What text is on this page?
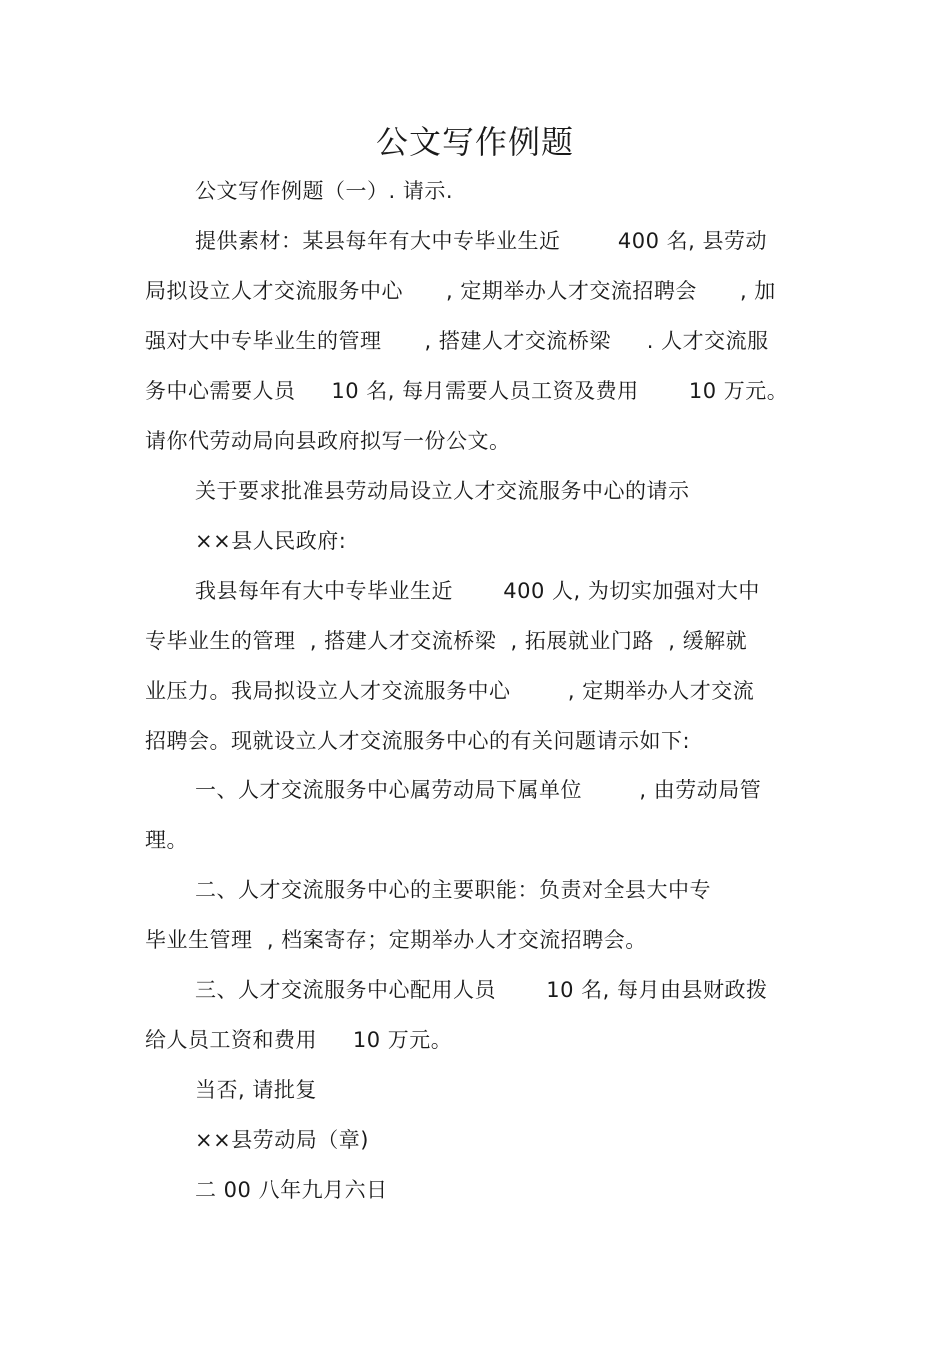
公文写作例题
公文写作例题（一）. 请示.
提供素材：某县每年有大中专毕业生近        400 名, 县劳动
局拟设立人才交流服务中心      , 定期举办人才交流招聘会      , 加
强对大中专毕业生的管理      , 搭建人才交流桥梁     . 人才交流服
务中心需要人员     10 名, 每月需要人员工资及费用       10 万元。
请你代劳动局向县政府拟写一份公文。
关于要求批准县劳动局设立人才交流服务中心的请示
××县人民政府:
我县每年有大中专毕业生近       400 人, 为切实加强对大中
专毕业生的管理  , 搭建人才交流桥梁  , 拓展就业门路  , 缓解就
业压力。我局拟设立人才交流服务中心        , 定期举办人才交流
招聘会。现就设立人才交流服务中心的有关问题请示如下:
一、人才交流服务中心属劳动局下属单位        , 由劳动局管
理。
二、人才交流服务中心的主要职能：负责对全县大中专
毕业生管理  , 档案寄存；定期举办人才交流招聘会。
三、人才交流服务中心配用人员       10 名, 每月由县财政拨
给人员工资和费用     10 万元。
当否, 请批复
××县劳动局（章)
二 00 八年九月六日
